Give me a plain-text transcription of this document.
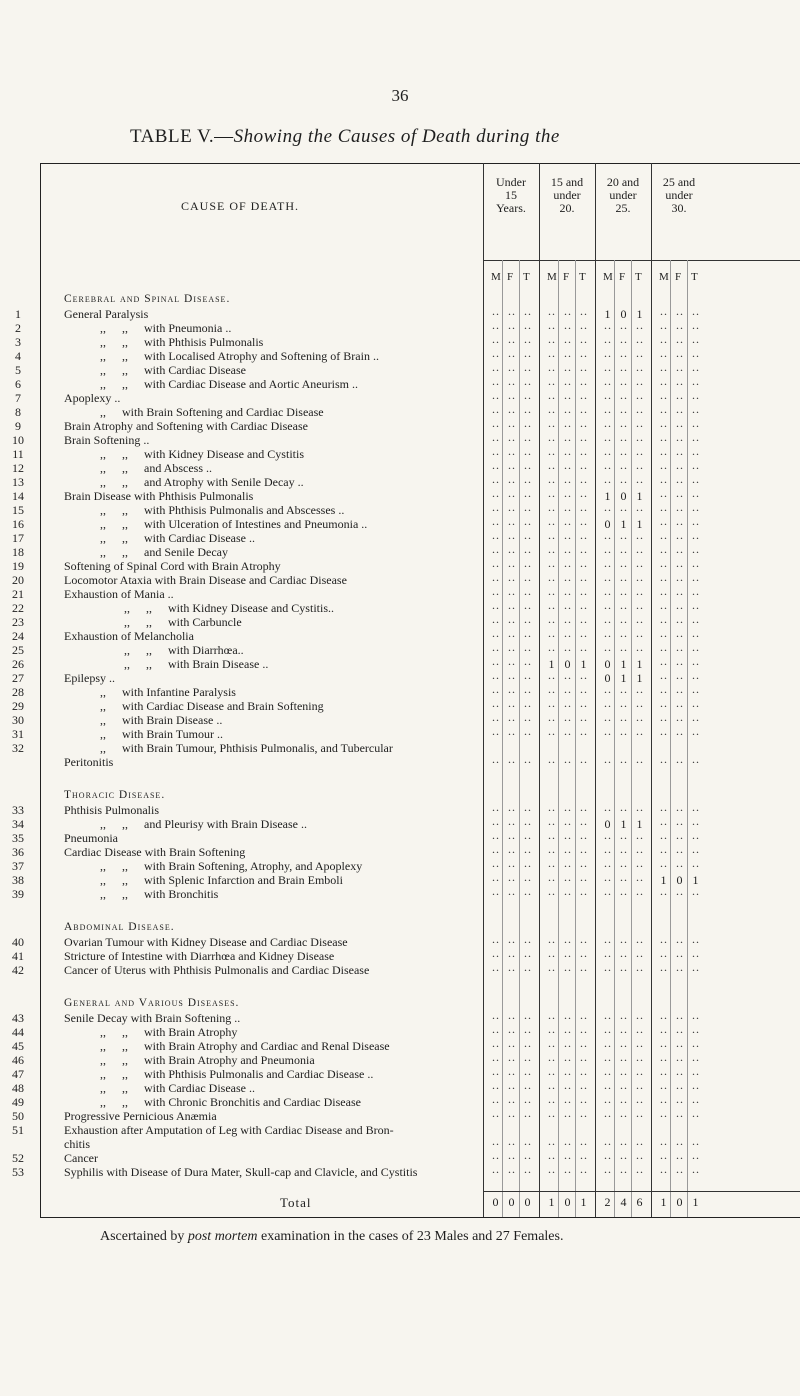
36
TABLE V.—Showing the Causes of Death during the
CAUSE OF DEATH.
Under
15
Years.
M F T
15 and
under
20.
M F T
20 and
under
25.
M F T
25 and
under
30.
M F T
Cerebral and Spinal Disease.
1	General Paralysis	·· ·· ·· ·· ·· ··	1 0 1	·· ·· ··
2	,, ,, with Pneumonia ..	·· ·· ·· ·· ·· ·· ·· ·· ·· ·· ·· ··
3	,, ,, with Phthisis Pulmonalis	·· ·· ·· ·· ·· ·· ·· ·· ·· ·· ·· ··
4	,, ,, with Localised Atrophy and Softening of Brain ..	·· ·· ·· ·· ·· ·· ·· ·· ·· ·· ·· ··
5	,, ,, with Cardiac Disease	·· ·· ·· ·· ·· ·· ·· ·· ·· ·· ·· ··
6	,, ,, with Cardiac Disease and Aortic Aneurism ..	·· ·· ·· ·· ·· ·· ·· ·· ·· ·· ·· ··
7	Apoplexy ..	·· ·· ·· ·· ·· ·· ·· ·· ·· ·· ·· ··
8	,, with Brain Softening and Cardiac Disease	·· ·· ·· ·· ·· ·· ·· ·· ·· ·· ·· ··
9	Brain Atrophy and Softening with Cardiac Disease	·· ·· ·· ·· ·· ·· ·· ·· ·· ·· ·· ··
10	Brain Softening ..	·· ·· ·· ·· ·· ·· ·· ·· ·· ·· ·· ··
11	,, ,, with Kidney Disease and Cystitis	·· ·· ·· ·· ·· ·· ·· ·· ·· ·· ·· ··
12	,, ,, and Abscess ..	·· ·· ·· ·· ·· ·· ·· ·· ·· ·· ·· ··
13	,, ,, and Atrophy with Senile Decay ..	·· ·· ·· ·· ·· ·· ·· ·· ·· ·· ·· ··
14	Brain Disease with Phthisis Pulmonalis	·· ·· ·· ·· ·· ··	1 0 1	·· ·· ··
15	,, ,, with Phthisis Pulmonalis and Abscesses ..	·· ·· ·· ·· ·· ·· ·· ·· ·· ·· ·· ··
16	,, ,, with Ulceration of Intestines and Pneumonia ..	·· ·· ·· ·· ·· ··	0 1 1	·· ·· ··
17	,, ,, with Cardiac Disease ..	·· ·· ·· ·· ·· ·· ·· ·· ·· ·· ·· ··
18	,, ,, and Senile Decay	·· ·· ·· ·· ·· ·· ·· ·· ·· ·· ·· ··
19	Softening of Spinal Cord with Brain Atrophy	·· ·· ·· ·· ·· ·· ·· ·· ·· ·· ·· ··
20	Locomotor Ataxia with Brain Disease and Cardiac Disease	·· ·· ·· ·· ·· ·· ·· ·· ·· ·· ·· ··
21	Exhaustion of Mania ..	·· ·· ·· ·· ·· ·· ·· ·· ·· ·· ·· ··
22	,, ,, with Kidney Disease and Cystitis..	·· ·· ·· ·· ·· ·· ·· ·· ·· ·· ·· ··
23	,, ,, with Carbuncle	·· ·· ·· ·· ·· ·· ·· ·· ·· ·· ·· ··
24	Exhaustion of Melancholia	·· ·· ·· ·· ·· ·· ·· ·· ·· ·· ·· ··
25	,, ,, with Diarrhœa..	·· ·· ·· ·· ·· ·· ·· ·· ·· ·· ·· ··
26	,, ,, with Brain Disease ..	·· ·· ··	1 0 1	0 1 1	·· ·· ··
27	Epilepsy ..	·· ·· ·· ·· ·· ··	0 1 1	·· ·· ··
28	,, with Infantine Paralysis	·· ·· ·· ·· ·· ·· ·· ·· ·· ·· ·· ··
29	,, with Cardiac Disease and Brain Softening	·· ·· ·· ·· ·· ·· ·· ·· ·· ·· ·· ··
30	,, with Brain Disease ..	·· ·· ·· ·· ·· ·· ·· ·· ·· ·· ·· ··
31	,, with Brain Tumour ..	·· ·· ·· ·· ·· ·· ·· ·· ·· ·· ·· ··
32	,, with Brain Tumour, Phthisis Pulmonalis, and Tubercular
Peritonitis	·· ·· ·· ·· ·· ·· ·· ·· ·· ·· ·· ··
Thoracic Disease.
33	Phthisis Pulmonalis	·· ·· ·· ·· ·· ·· ·· ·· ·· ·· ·· ··
34	,, ,, and Pleurisy with Brain Disease ..	·· ·· ·· ·· ·· ··	0 1 1	·· ·· ··
35	Pneumonia	·· ·· ·· ·· ·· ·· ·· ·· ·· ·· ·· ··
36	Cardiac Disease with Brain Softening	·· ·· ·· ·· ·· ·· ·· ·· ·· ·· ·· ··
37	,, ,, with Brain Softening, Atrophy, and Apoplexy	·· ·· ·· ·· ·· ·· ·· ·· ·· ·· ·· ··
38	,, ,, with Splenic Infarction and Brain Emboli	·· ·· ·· ·· ·· ·· ·· ·· ··	1 0 1
39	,, ,, with Bronchitis	·· ·· ·· ·· ·· ·· ·· ·· ·· ·· ·· ··
Abdominal Disease.
40	Ovarian Tumour with Kidney Disease and Cardiac Disease	·· ·· ·· ·· ·· ·· ·· ·· ·· ·· ·· ··
41	Stricture of Intestine with Diarrhœa and Kidney Disease	·· ·· ·· ·· ·· ·· ·· ·· ·· ·· ·· ··
42	Cancer of Uterus with Phthisis Pulmonalis and Cardiac Disease	·· ·· ·· ·· ·· ·· ·· ·· ·· ·· ·· ··
General and Various Diseases.
43	Senile Decay with Brain Softening ..	·· ·· ·· ·· ·· ·· ·· ·· ·· ·· ·· ··
44	,, ,, with Brain Atrophy	·· ·· ·· ·· ·· ·· ·· ·· ·· ·· ·· ··
45	,, ,, with Brain Atrophy and Cardiac and Renal Disease	·· ·· ·· ·· ·· ·· ·· ·· ·· ·· ·· ··
46	,, ,, with Brain Atrophy and Pneumonia	·· ·· ·· ·· ·· ·· ·· ·· ·· ·· ·· ··
47	,, ,, with Phthisis Pulmonalis and Cardiac Disease ..	·· ·· ·· ·· ·· ·· ·· ·· ·· ·· ·· ··
48	,, ,, with Cardiac Disease ..	·· ·· ·· ·· ·· ·· ·· ·· ·· ·· ·· ··
49	,, ,, with Chronic Bronchitis and Cardiac Disease	·· ·· ·· ·· ·· ·· ·· ·· ·· ·· ·· ··
50	Progressive Pernicious Anæmia	·· ·· ·· ·· ·· ·· ·· ·· ·· ·· ·· ··
51	Exhaustion after Amputation of Leg with Cardiac Disease and Bron-
chitis	·· ·· ·· ·· ·· ·· ·· ·· ·· ·· ·· ··
52	Cancer	·· ·· ·· ·· ·· ·· ·· ·· ·· ·· ·· ··
53	Syphilis with Disease of Dura Mater, Skull-cap and Clavicle, and Cystitis	·· ·· ·· ·· ·· ·· ·· ·· ·· ·· ·· ··
Total	0 0 0	1 0 1	2 4 6	1 0 1
Ascertained by post mortem examination in the cases of 23 Males and 27 Females.
